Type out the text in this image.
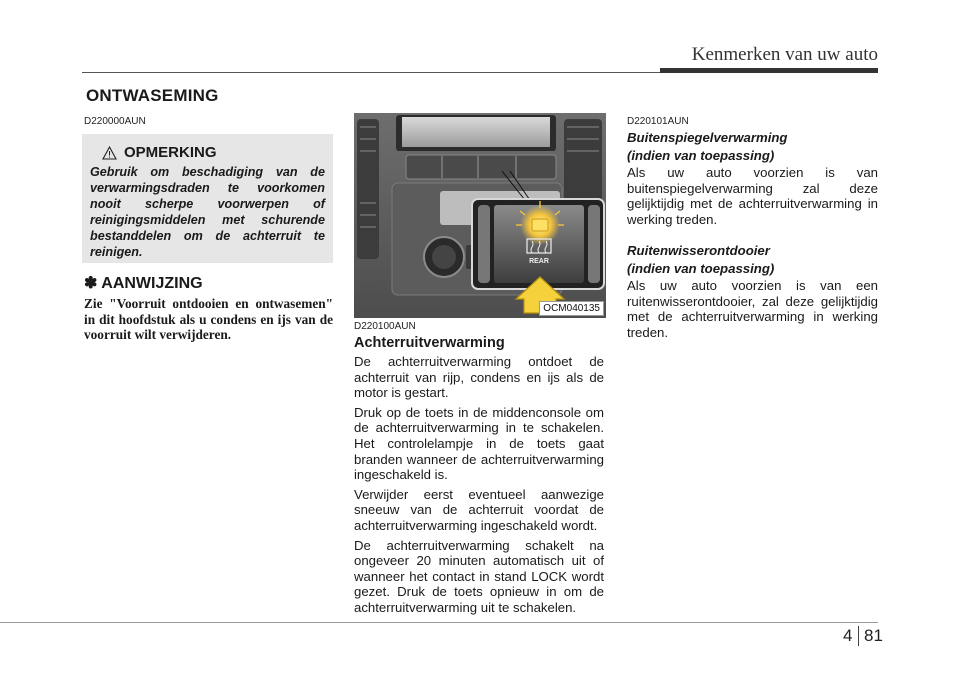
Kenmerken van uw auto
ONTWASEMING
D220000AUN
OPMERKING
Gebruik om beschadiging van de verwarmingsdraden te voorkomen nooit scherpe voorwerpen of reinigingsmiddelen met schurende bestanddelen om de achterruit te reinigen.
✽ AANWIJZING
Zie "Voorruit ontdooien en ontwasemen" in dit hoofdstuk als u condens en ijs van de voorruit wilt verwijderen.
REAR
OCM040135
D220100AUN
Achterruitverwarming

De achterruitverwarming ontdoet de achterruit van rijp, condens en ijs als de motor is gestart.

Druk op de toets in de middenconsole om de achterruitverwarming in te schakelen. Het controlelampje in de toets gaat branden wanneer de achterruitverwarming ingeschakeld is.

Verwijder eerst eventueel aanwezige sneeuw van de achterruit voordat de achterruitverwarming ingeschakeld wordt.

De achterruitverwarming schakelt na ongeveer 20 minuten automatisch uit of wanneer het contact in stand LOCK wordt gezet. Druk de toets opnieuw in om de achterruitverwarming uit te schakelen.

D220101AUN
Buitenspiegelverwarming
(indien van toepassing)
Als uw auto voorzien is van buitenspiegelverwarming zal deze gelijktijdig met de achterruitverwarming in werking treden.
Ruitenwisserontdooier
(indien van toepassing)
Als uw auto voorzien is van een ruitenwisserontdooier, zal deze gelijktijdig met de achterruitverwarming in werking treden.
4 81
